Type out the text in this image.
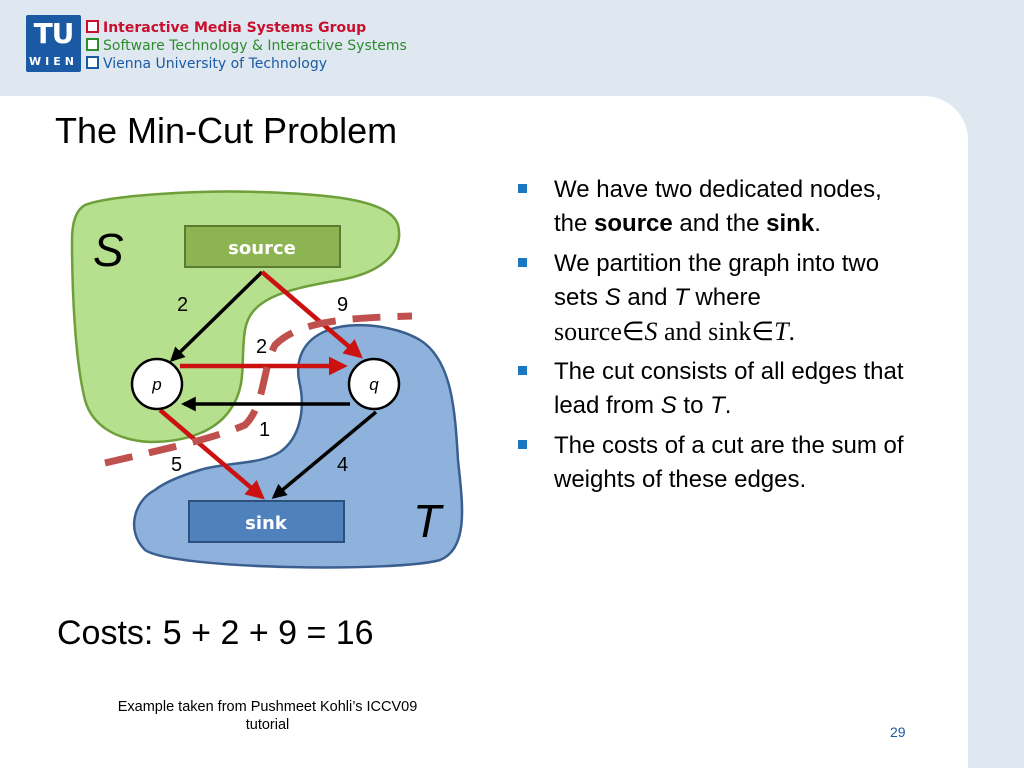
TU
WIEN
Interactive Media Systems Group
Software Technology & Interactive Systems
Vienna University of Technology
The Min-Cut Problem
S
T
source
sink
p	q
2	9
2
1
5	4
We have two dedicated nodes, the source and the sink.
We partition the graph into two sets S and T where
source∈S and sink∈T.
The cut consists of all edges that lead from S to T.
The costs of a cut are the sum of weights of these edges.
Costs: 5 + 2 + 9 = 16
Example taken from Pushmeet Kohli’s ICCV09 tutorial	29
